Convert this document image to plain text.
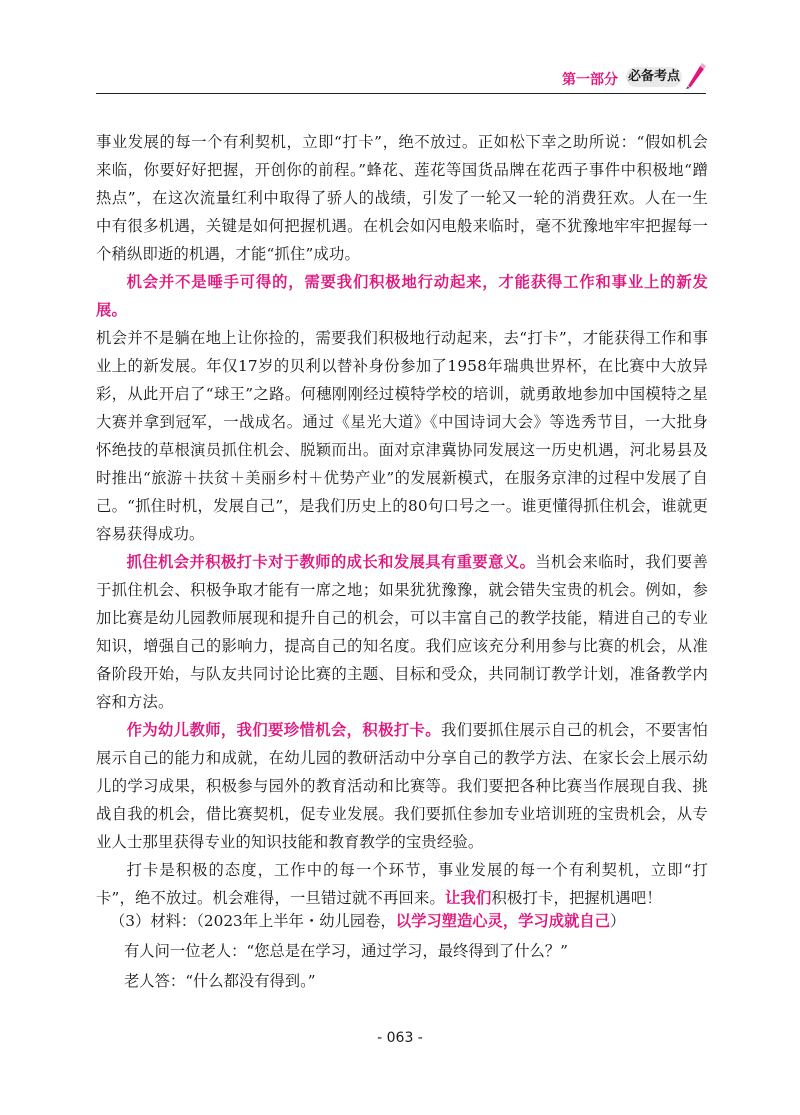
第一部分 必备考点

事业发展的每一个有利契机，立即“打卡”，绝不放过。正如松下幸之助所说：“假如机会来临，你要好好把握，开创你的前程。”蜂花、莲花等国货品牌在花西子事件中积极地“蹭热点”，在这次流量红利中取得了骄人的战绩，引发了一轮又一轮的消费狂欢。人在一生中有很多机遇，关键是如何把握机遇。在机会如闪电般来临时，毫不犹豫地牢牢把握每一个稍纵即逝的机遇，才能“抓住”成功。

机会并不是唾手可得的，需要我们积极地行动起来，才能获得工作和事业上的新发展。
机会并不是躺在地上让你捡的，需要我们积极地行动起来，去“打卡”，才能获得工作和事业上的新发展。年仅17岁的贝利以替补身份参加了1958年瑞典世界杯，在比赛中大放异彩，从此开启了“球王”之路。何穗刚刚经过模特学校的培训，就勇敢地参加中国模特之星大赛并拿到冠军，一战成名。通过《星光大道》《中国诗词大会》等选秀节目，一大批身怀绝技的草根演员抓住机会、脱颖而出。面对京津冀协同发展这一历史机遇，河北易县及时推出“旅游＋扶贫＋美丽乡村＋优势产业”的发展新模式，在服务京津的过程中发展了自己。“抓住时机，发展自己”，是我们历史上的80句口号之一。谁更懂得抓住机会，谁就更容易获得成功。

抓住机会并积极打卡对于教师的成长和发展具有重要意义。当机会来临时，我们要善于抓住机会、积极争取才能有一席之地；如果犹犹豫豫，就会错失宝贵的机会。例如，参加比赛是幼儿园教师展现和提升自己的机会，可以丰富自己的教学技能，精进自己的专业知识，增强自己的影响力，提高自己的知名度。我们应该充分利用参与比赛的机会，从准备阶段开始，与队友共同讨论比赛的主题、目标和受众，共同制订教学计划，准备教学内容和方法。

作为幼儿教师，我们要珍惜机会，积极打卡。我们要抓住展示自己的机会，不要害怕展示自己的能力和成就，在幼儿园的教研活动中分享自己的教学方法、在家长会上展示幼儿的学习成果，积极参与园外的教育活动和比赛等。我们要把各种比赛当作展现自我、挑战自我的机会，借比赛契机，促专业发展。我们要抓住参加专业培训班的宝贵机会，从专业人士那里获得专业的知识技能和教育教学的宝贵经验。

打卡是积极的态度，工作中的每一个环节，事业发展的每一个有利契机，立即“打卡”，绝不放过。机会难得，一旦错过就不再回来。让我们积极打卡，把握机遇吧！

（3）材料：（2023年上半年・幼儿园卷，以学习塑造心灵，学习成就自己）

有人问一位老人：“您总是在学习，通过学习，最终得到了什么？”

老人答：“什么都没有得到。”

- 063 -
